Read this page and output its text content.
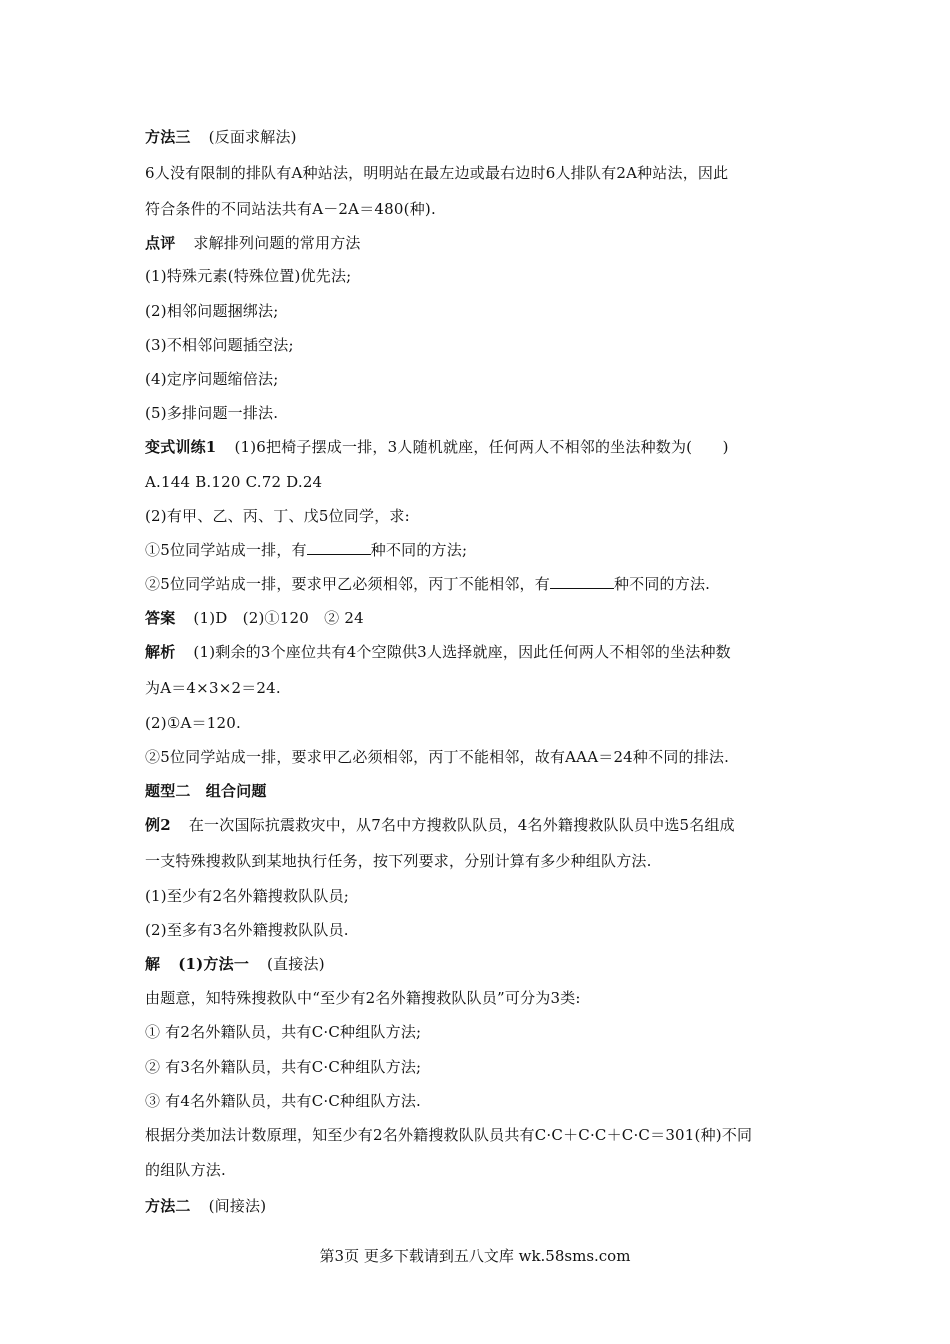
方法三 (反面求解法)
6人没有限制的排队有A种站法，明明站在最左边或最右边时6人排队有2A种站法，因此
符合条件的不同站法共有A－2A＝480(种).
点评 求解排列问题的常用方法
(1)特殊元素(特殊位置)优先法;
(2)相邻问题捆绑法;
(3)不相邻问题插空法;
(4)定序问题缩倍法;
(5)多排问题一排法.
变式训练1 (1)6把椅子摆成一排，3人随机就座，任何两人不相邻的坐法种数为(　　)
A.144 B.120 C.72 D.24
(2)有甲、乙、丙、丁、戊5位同学，求:
①5位同学站成一排，有	种不同的方法;
②5位同学站成一排，要求甲乙必须相邻，丙丁不能相邻，有	种不同的方法.
答案 (1)D　(2)①120　② 24
解析 (1)剩余的3个座位共有4个空隙供3人选择就座，因此任何两人不相邻的坐法种数
为A＝4×3×2＝24.
(2)①A＝120.
②5位同学站成一排，要求甲乙必须相邻，丙丁不能相邻，故有AAA＝24种不同的排法.
题型二　组合问题
例2 在一次国际抗震救灾中，从7名中方搜救队队员，4名外籍搜救队队员中选5名组成
一支特殊搜救队到某地执行任务，按下列要求，分别计算有多少种组队方法.
(1)至少有2名外籍搜救队队员;
(2)至多有3名外籍搜救队队员.
解 (1)方法一 (直接法)
由题意，知特殊搜救队中“至少有2名外籍搜救队队员”可分为3类:
① 有2名外籍队员，共有C·C种组队方法;
② 有3名外籍队员，共有C·C种组队方法;
③ 有4名外籍队员，共有C·C种组队方法.
根据分类加法计数原理，知至少有2名外籍搜救队队员共有C·C＋C·C＋C·C＝301(种)不同
的组队方法.
方法二 (间接法)
第3页 更多下载请到五八文库 wk.58sms.com
